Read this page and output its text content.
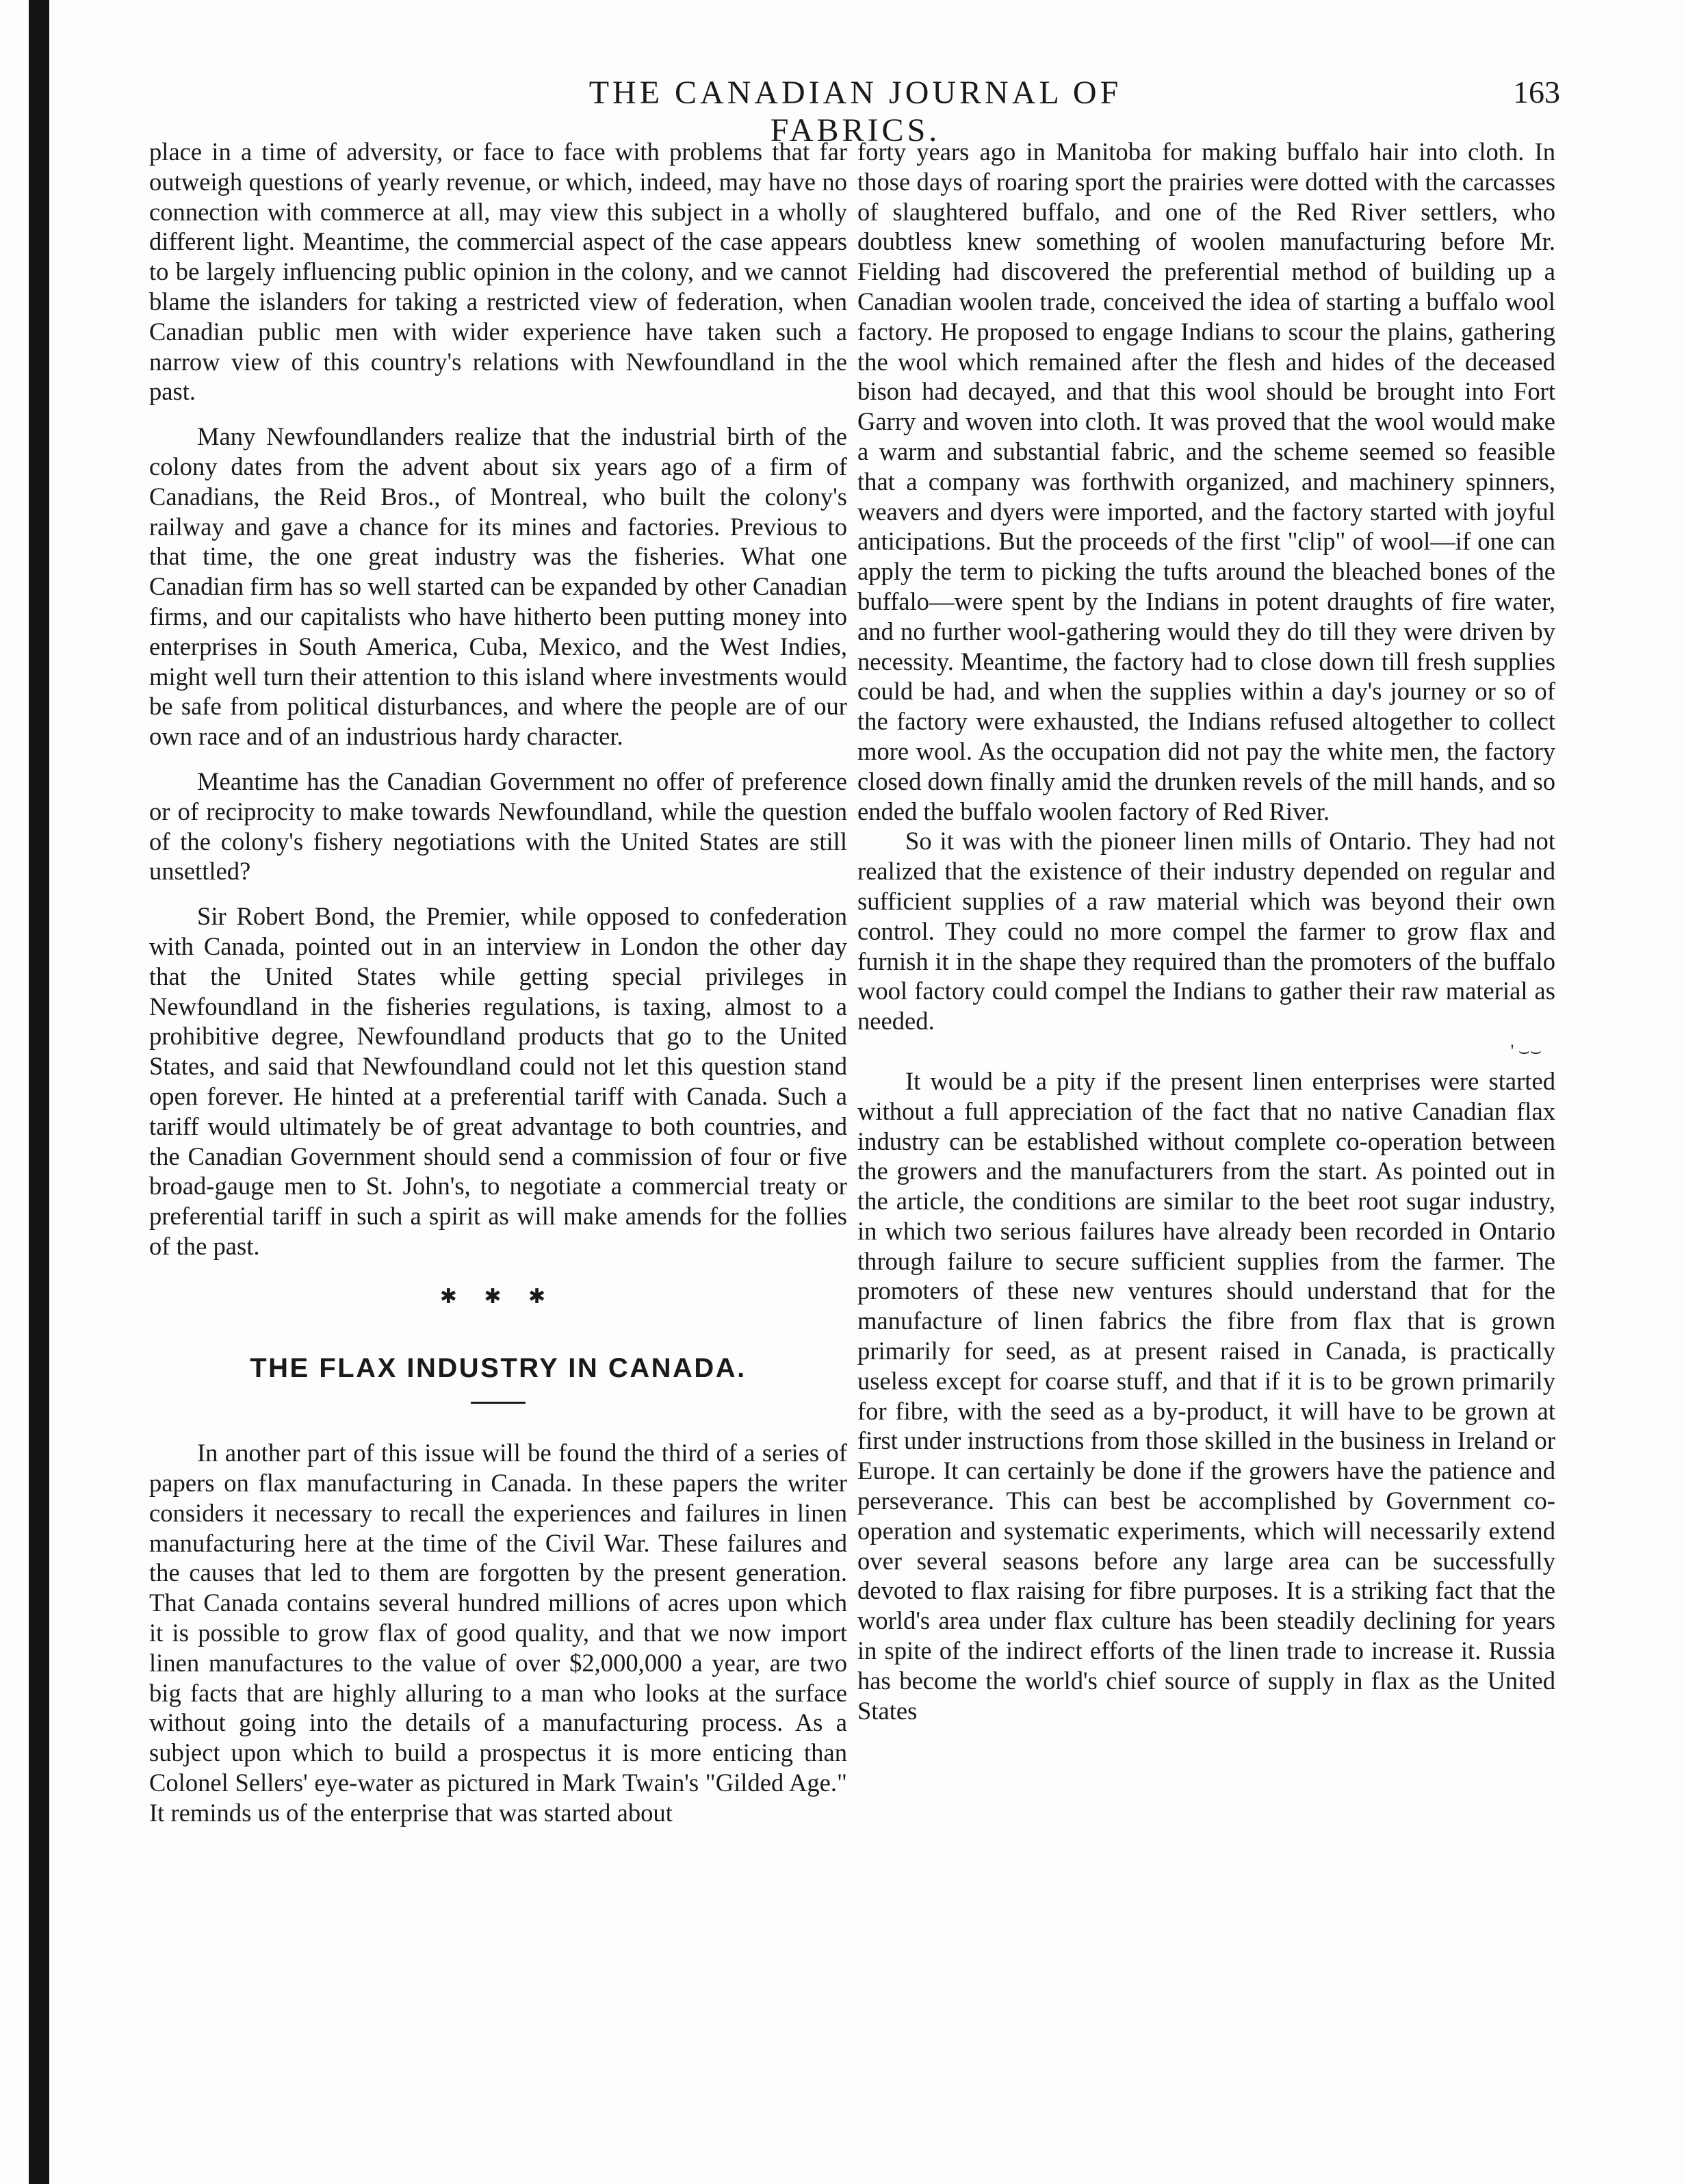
THE CANADIAN JOURNAL OF FABRICS.
163

place in a time of adversity, or face to face with problems that far outweigh questions of yearly revenue, or which, indeed, may have no connection with commerce at all, may view this subject in a wholly different light. Meantime, the commercial aspect of the case appears to be largely influencing public opinion in the colony, and we cannot blame the islanders for taking a restricted view of federation, when Canadian public men with wider experience have taken such a narrow view of this country's relations with Newfoundland in the past.

Many Newfoundlanders realize that the industrial birth of the colony dates from the advent about six years ago of a firm of Canadians, the Reid Bros., of Montreal, who built the colony's railway and gave a chance for its mines and factories. Previous to that time, the one great industry was the fisheries. What one Canadian firm has so well started can be expanded by other Canadian firms, and our capitalists who have hitherto been putting money into enterprises in South America, Cuba, Mexico, and the West Indies, might well turn their attention to this island where investments would be safe from political disturbances, and where the people are of our own race and of an industrious hardy character.

Meantime has the Canadian Government no offer of preference or of reciprocity to make towards Newfoundland, while the question of the colony's fishery negotiations with the United States are still unsettled?

Sir Robert Bond, the Premier, while opposed to confederation with Canada, pointed out in an interview in London the other day that the United States while getting special privileges in Newfoundland in the fisheries regulations, is taxing, almost to a prohibitive degree, Newfoundland products that go to the United States, and said that Newfoundland could not let this question stand open forever. He hinted at a preferential tariff with Canada. Such a tariff would ultimately be of great advantage to both countries, and the Canadian Government should send a commission of four or five broad-gauge men to St. John's, to negotiate a commercial treaty or preferential tariff in such a spirit as will make amends for the follies of the past.

✱ ✱ ✱
THE FLAX INDUSTRY IN CANADA.

In another part of this issue will be found the third of a series of papers on flax manufacturing in Canada. In these papers the writer considers it necessary to recall the experiences and failures in linen manufacturing here at the time of the Civil War. These failures and the causes that led to them are forgotten by the present generation. That Canada contains several hundred millions of acres upon which it is possible to grow flax of good quality, and that we now import linen manufactures to the value of over $2,000,000 a year, are two big facts that are highly alluring to a man who looks at the surface without going into the details of a manufacturing process. As a subject upon which to build a prospectus it is more enticing than Colonel Sellers' eye-water as pictured in Mark Twain's "Gilded Age." It reminds us of the enterprise that was started about

forty years ago in Manitoba for making buffalo hair into cloth. In those days of roaring sport the prairies were dotted with the carcasses of slaughtered buffalo, and one of the Red River settlers, who doubtless knew something of woolen manufacturing before Mr. Fielding had discovered the preferential method of building up a Canadian woolen trade, conceived the idea of starting a buffalo wool factory. He proposed to engage Indians to scour the plains, gathering the wool which remained after the flesh and hides of the deceased bison had decayed, and that this wool should be brought into Fort Garry and woven into cloth. It was proved that the wool would make a warm and substantial fabric, and the scheme seemed so feasible that a company was forthwith organized, and machinery spinners, weavers and dyers were imported, and the factory started with joyful anticipations. But the proceeds of the first "clip" of wool—if one can apply the term to picking the tufts around the bleached bones of the buffalo—were spent by the Indians in potent draughts of fire water, and no further wool-gathering would they do till they were driven by necessity. Meantime, the factory had to close down till fresh supplies could be had, and when the supplies within a day's journey or so of the factory were exhausted, the Indians refused altogether to collect more wool. As the occupation did not pay the white men, the factory closed down finally amid the drunken revels of the mill hands, and so ended the buffalo woolen factory of Red River.

So it was with the pioneer linen mills of Ontario. They had not realized that the existence of their industry depended on regular and sufficient supplies of a raw material which was beyond their own control. They could no more compel the farmer to grow flax and furnish it in the shape they required than the promoters of the buffalo wool factory could compel the Indians to gather their raw material as needed.

' ⌣⌣

It would be a pity if the present linen enterprises were started without a full appreciation of the fact that no native Canadian flax industry can be established without complete co-operation between the growers and the manufacturers from the start. As pointed out in the article, the conditions are similar to the beet root sugar industry, in which two serious failures have already been recorded in Ontario through failure to secure sufficient supplies from the farmer. The promoters of these new ventures should understand that for the manufacture of linen fabrics the fibre from flax that is grown primarily for seed, as at present raised in Canada, is practically useless except for coarse stuff, and that if it is to be grown primarily for fibre, with the seed as a by-product, it will have to be grown at first under instructions from those skilled in the business in Ireland or Europe. It can certainly be done if the growers have the patience and perseverance. This can best be accomplished by Government co-operation and systematic experiments, which will necessarily extend over several seasons before any large area can be successfully devoted to flax raising for fibre purposes. It is a striking fact that the world's area under flax culture has been steadily declining for years in spite of the indirect efforts of the linen trade to increase it. Russia has become the world's chief source of supply in flax as the United States
